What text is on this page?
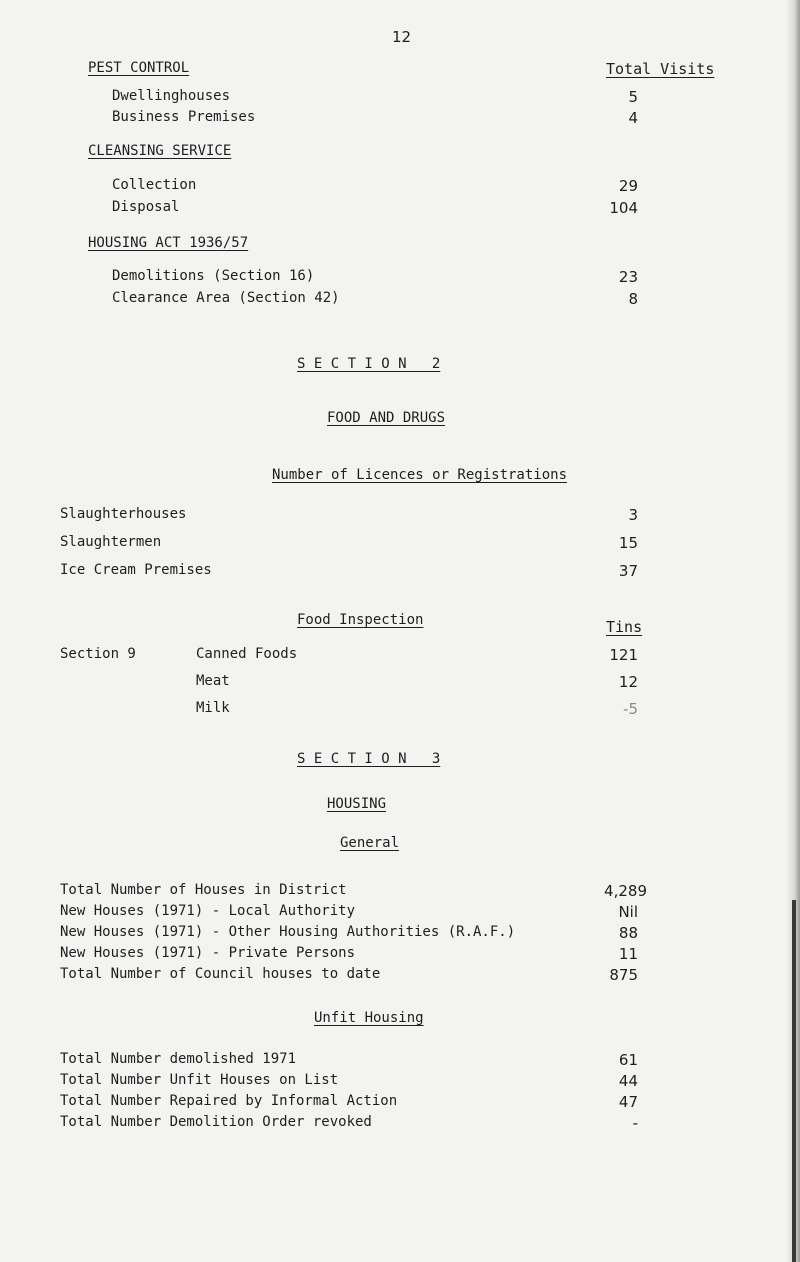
12
PEST CONTROL	Total Visits
Dwellinghouses	5
Business Premises	4
CLEANSING SERVICE
Collection	29
Disposal	104
HOUSING ACT 1936/57
Demolitions (Section 16)	23
Clearance Area (Section 42)	8
S E C T I O N   2
FOOD AND DRUGS
Number of Licences or Registrations
Slaughterhouses	3
Slaughtermen	15
Ice Cream Premises	37
Food Inspection	Tins
Section 9	Canned Foods	121
Meat	12
Milk	-5
S E C T I O N   3
HOUSING
General
Total Number of Houses in District	4,289
New Houses (1971) - Local Authority	Nil
New Houses (1971) - Other Housing Authorities (R.A.F.)	88
New Houses (1971) - Private Persons	11
Total Number of Council houses to date	875
Unfit Housing
Total Number demolished 1971	61
Total Number Unfit Houses on List	44
Total Number Repaired by Informal Action	47
Total Number Demolition Order revoked	-
